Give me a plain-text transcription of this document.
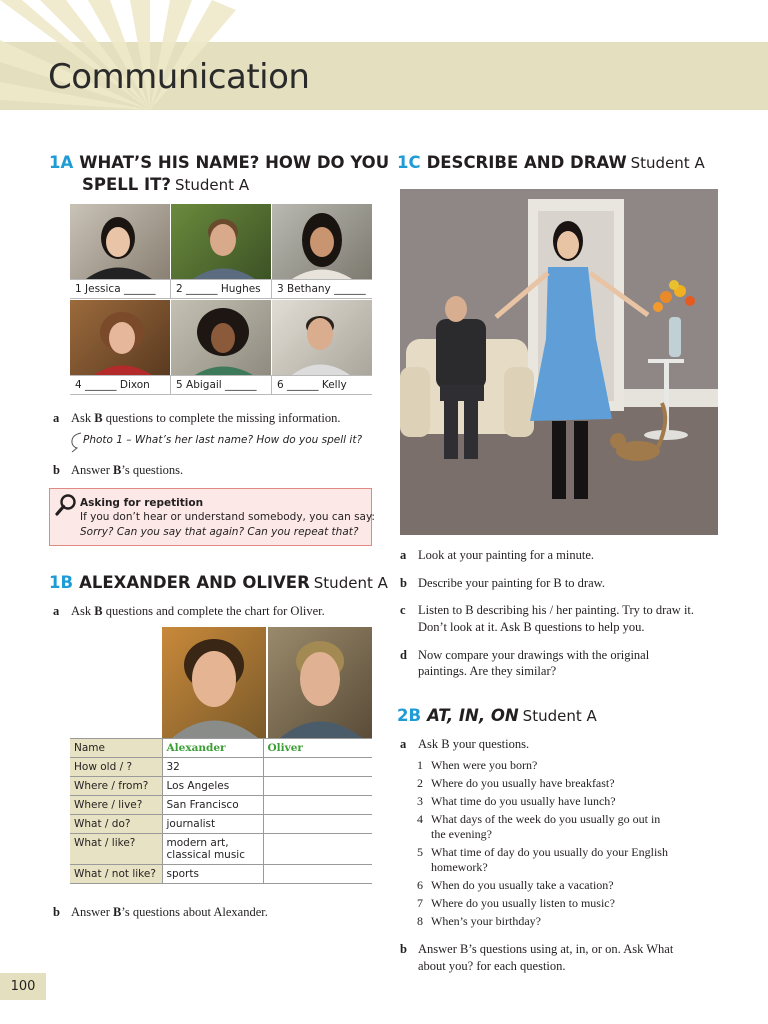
Communication
1A WHAT’S HIS NAME? HOW DO YOU
SPELL IT? Student A
1 Jessica ______	2 ______ Hughes	3 Bethany ______
4 ______ Dixon	5 Abigail ______	6 ______ Kelly
a Ask B questions to complete the missing information.
Photo 1 – What’s her last name? How do you spell it?
b Answer B’s questions.
Asking for repetition
If you don’t hear or understand somebody, you can say:
Sorry? Can you say that again? Can you repeat that?
1B ALEXANDER AND OLIVER Student A
a Ask B questions and complete the chart for Oliver.
Name	Alexander	Oliver
How old / ?	32	
Where / from?	Los Angeles	
Where / live?	San Francisco	
What / do?	journalist	
What / like?	modern art, classical music	
What / not like?	sports	
b Answer B’s questions about Alexander.
1C DESCRIBE AND DRAW Student A
a Look at your painting for a minute.
b Describe your painting for B to draw.
c Listen to B describing his / her painting. Try to draw it.
Don’t look at it. Ask B questions to help you.
d Now compare your drawings with the original
paintings. Are they similar?
2B AT, IN, ON Student A
a Ask B your questions.
1 When were you born?
2 Where do you usually have breakfast?
3 What time do you usually have lunch?
4 What days of the week do you usually go out in
the evening?
5 What time of day do you usually do your English
homework?
6 When do you usually take a vacation?
7 Where do you usually listen to music?
8 When’s your birthday?
b Answer B’s questions using at, in, or on. Ask What
about you? for each question.
100
